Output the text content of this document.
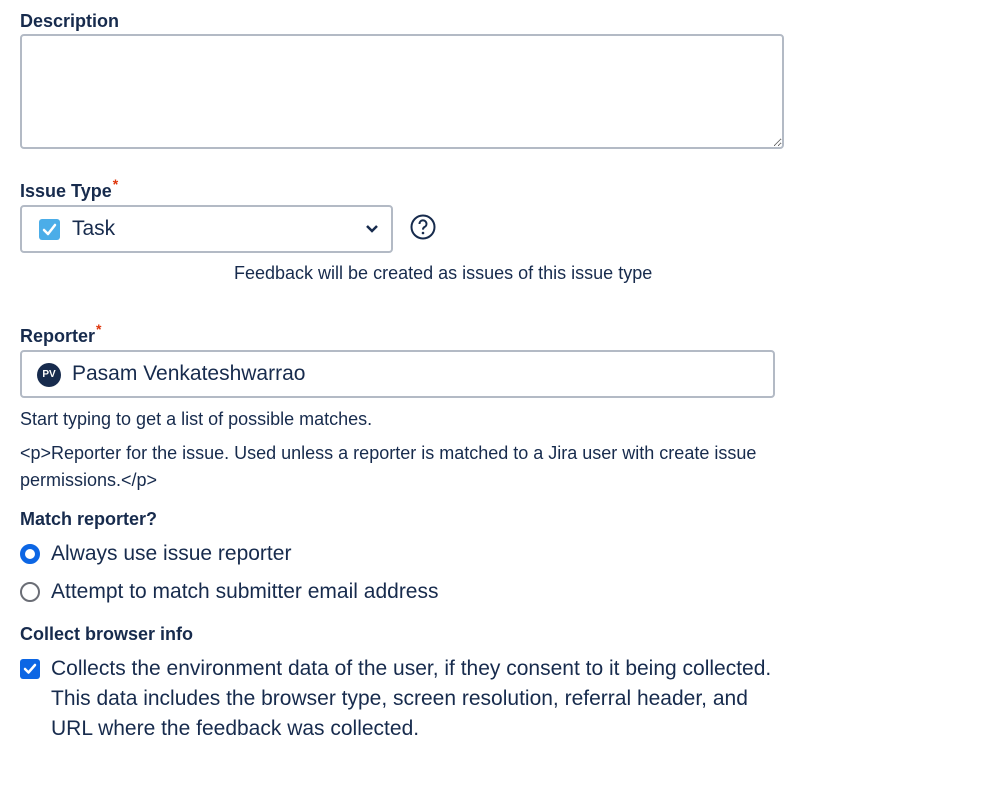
Description
Issue Type*
Task
Feedback will be created as issues of this issue type
Reporter*
PV Pasam Venkateshwarrao
Start typing to get a list of possible matches.
<p>Reporter for the issue. Used unless a reporter is matched to a Jira user with create issue permissions.</p>
Match reporter?
Always use issue reporter
Attempt to match submitter email address
Collect browser info
Collects the environment data of the user, if they consent to it being collected. This data includes the browser type, screen resolution, referral header, and URL where the feedback was collected.
